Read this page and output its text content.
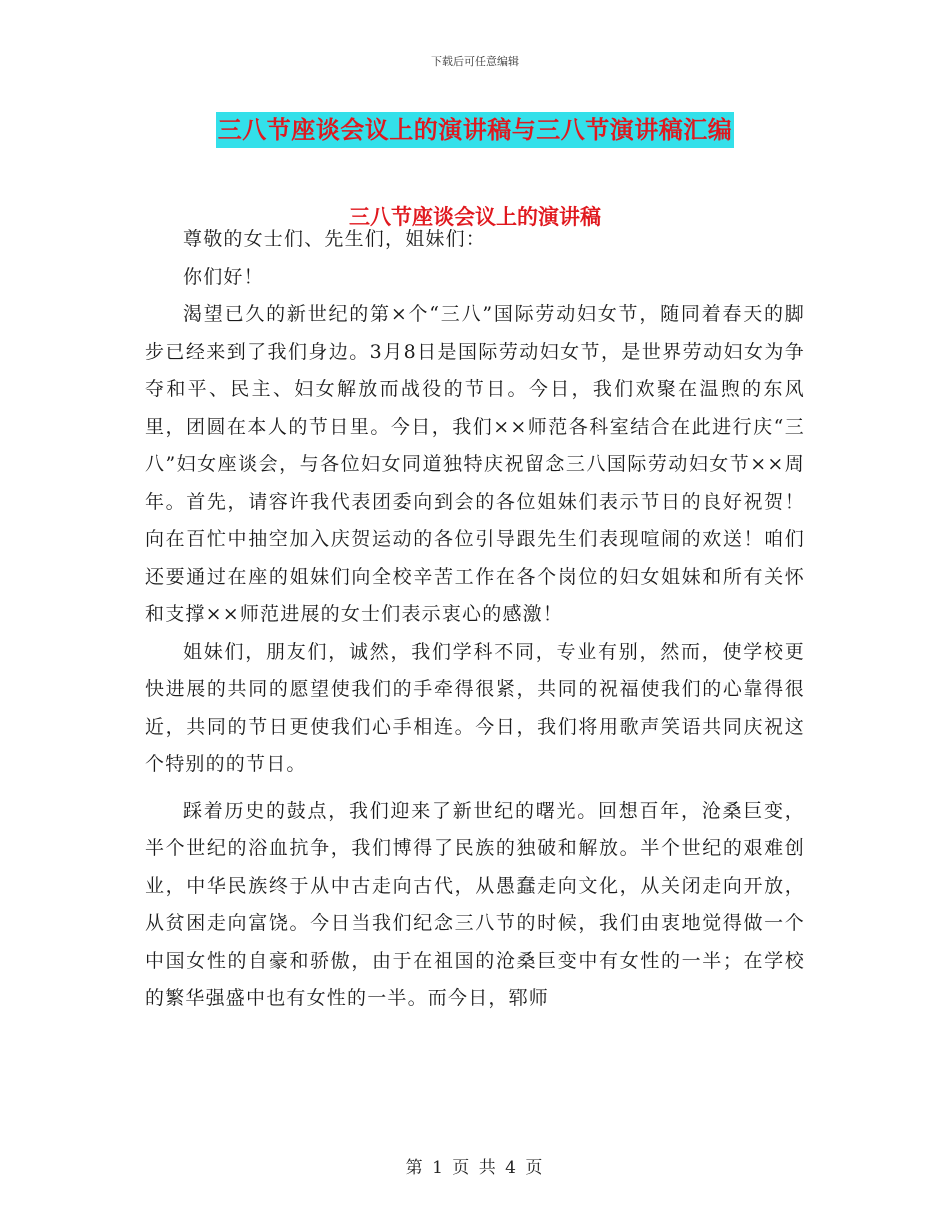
下载后可任意编辑
三八节座谈会议上的演讲稿与三八节演讲稿汇编
三八节座谈会议上的演讲稿

尊敬的女士们、先生们，姐妹们：

你们好！

渴望已久的新世纪的第×个“三八”国际劳动妇女节，随同着春天的脚步已经来到了我们身边。3月8日是国际劳动妇女节，是世界劳动妇女为争夺和平、民主、妇女解放而战役的节日。今日，我们欢聚在温煦的东风里，团圆在本人的节日里。今日，我们××师范各科室结合在此进行庆“三八”妇女座谈会，与各位妇女同道独特庆祝留念三八国际劳动妇女节××周年。首先，请容许我代表团委向到会的各位姐妹们表示节日的良好祝贺！向在百忙中抽空加入庆贺运动的各位引导跟先生们表现喧闹的欢送！咱们还要通过在座的姐妹们向全校辛苦工作在各个岗位的妇女姐妹和所有关怀和支撑××师范进展的女士们表示衷心的感激！

姐妹们，朋友们，诚然，我们学科不同，专业有别，然而，使学校更快进展的共同的愿望使我们的手牵得很紧，共同的祝福使我们的心靠得很近，共同的节日更使我们心手相连。今日，我们将用歌声笑语共同庆祝这个特别的的节日。

踩着历史的鼓点，我们迎来了新世纪的曙光。回想百年，沧桑巨变，半个世纪的浴血抗争，我们博得了民族的独破和解放。半个世纪的艰难创业，中华民族终于从中古走向古代，从愚蠢走向文化，从关闭走向开放，从贫困走向富饶。今日当我们纪念三八节的时候，我们由衷地觉得做一个中国女性的自豪和骄傲，由于在祖国的沧桑巨变中有女性的一半；在学校的繁华强盛中也有女性的一半。而今日，郓师

第 1 页 共 4 页
